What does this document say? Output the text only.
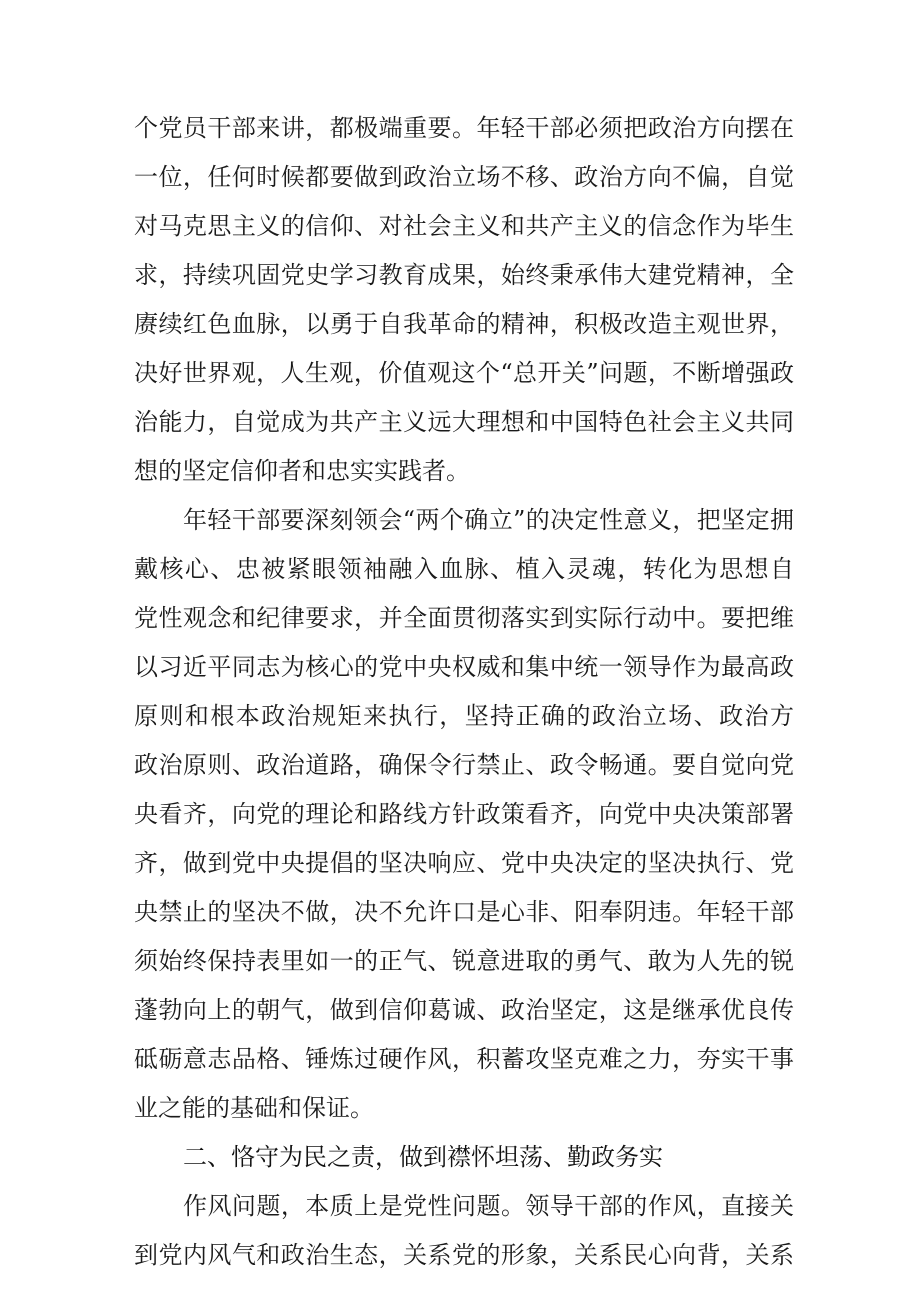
个党员干部来讲，都极端重要。年轻干部必须把政治方向摆在

一位，任何时候都要做到政治立场不移、政治方向不偏，自觉

对马克思主义的信仰、对社会主义和共产主义的信念作为毕生

求，持续巩固党史学习教育成果，始终秉承伟大建党精神，全

赓续红色血脉，以勇于自我革命的精神，积极改造主观世界，

决好世界观，人生观，价值观这个“总开关”问题，不断增强政

治能力，自觉成为共产主义远大理想和中国特色社会主义共同

想的坚定信仰者和忠实实践者。

年轻干部要深刻领会“两个确立”的决定性意义，把坚定拥

戴核心、忠被紧眼领袖融入血脉、植入灵魂，转化为思想自

党性观念和纪律要求，并全面贯彻落实到实际行动中。要把维

以习近平同志为核心的党中央权威和集中统一领导作为最高政

原则和根本政治规矩来执行，坚持正确的政治立场、政治方

政治原则、政治道路，确保令行禁止、政令畅通。要自觉向党

央看齐，向党的理论和路线方针政策看齐，向党中央决策部署

齐，做到党中央提倡的坚决响应、党中央决定的坚决执行、党

央禁止的坚决不做，决不允许口是心非、阳奉阴违。年轻干部

须始终保持表里如一的正气、锐意进取的勇气、敢为人先的锐

蓬勃向上的朝气，做到信仰葛诚、政治坚定，这是继承优良传

砥砺意志品格、锤炼过硬作风，积蓄攻坚克难之力，夯实干事

业之能的基础和保证。

二、恪守为民之责，做到襟怀坦荡、勤政务实

作风问题，本质上是党性问题。领导干部的作风，直接关

到党内风气和政治生态，关系党的形象，关系民心向背，关系
